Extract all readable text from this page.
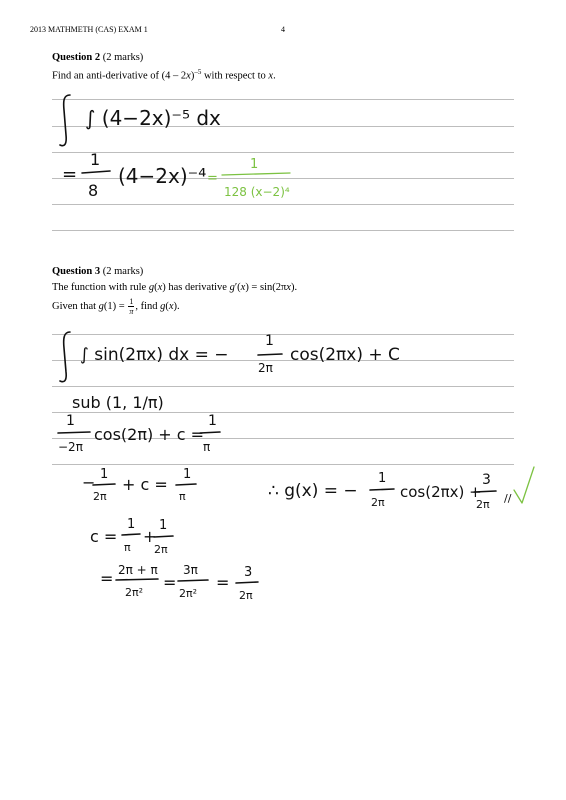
2013 MATHMETH (CAS) EXAM 1	4
Question 2 (2 marks)
Find an anti-derivative of (4 – 2x)$^{-5}$ with respect to x.
Question 3 (2 marks)
The function with rule g(x) has derivative g′(x) = sin(2πx).
Given that $g(1) = \frac{1}{\pi}$ , find g(x).
∫ (4−2x)⁻⁵ dx
=
1
8
(4−2x)⁻⁴ =
1
128 (x−2)⁴
∫ sin(2πx) dx = −
1
2π
cos(2πx) + C
sub (1, 1/π)
1
−2π
cos(2π) + c =
1
π
− 1
2π
+ c =
1
π	∴ g(x) = −
1
2π
cos(2πx) +
3
2π //
c =
1
π
+
1
2π
= 2π + π
2π²
=
3π
2π²
=
3
2π
